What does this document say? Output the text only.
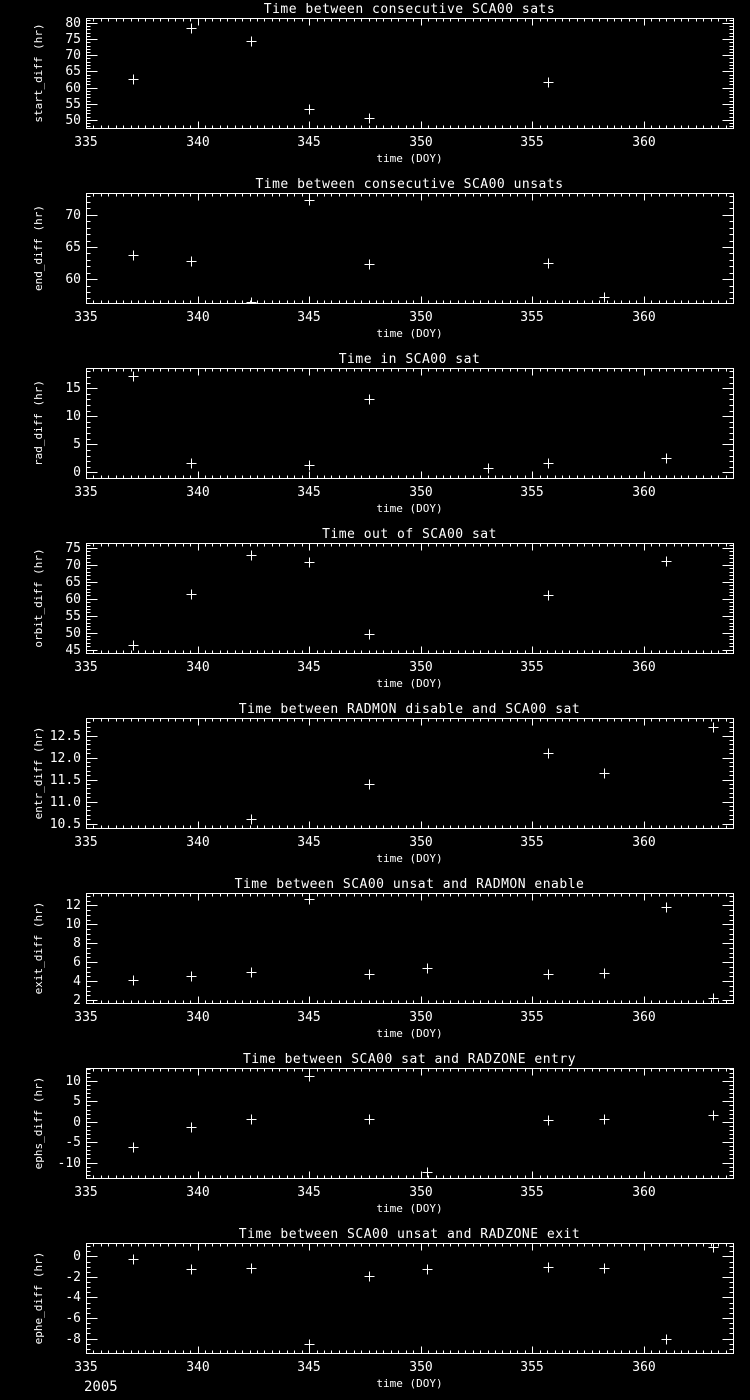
2005
335	340	345	350	355	360
50
55
60
65
70
75
80
Time between consecutive SCA00 sats
time (DOY)
start_diff (hr)
335	340	345	350	355	360
60
65
70
Time between consecutive SCA00 unsats
time (DOY)
end_diff (hr)
335	340	345	350	355	360
0
5
10
15
Time in SCA00 sat
time (DOY)
rad_diff (hr)
335	340	345	350	355	360
45
50
55
60
65
70
75
Time out of SCA00 sat
time (DOY)
orbit_diff (hr)
335	340	345	350	355	360
10.5
11.0
11.5
12.0
12.5
Time between RADMON disable and SCA00 sat
time (DOY)
entr_diff (hr)
335	340	345	350	355	360
2
4
6
8
10
12
Time between SCA00 unsat and RADMON enable
time (DOY)
exit_diff (hr)
335	340	345	350	355	360
-10
-5
0
5
10
Time between SCA00 sat and RADZONE entry
time (DOY)
ephs_diff (hr)
335	340	345	350	355	360
-8
-6
-4
-2
0
Time between SCA00 unsat and RADZONE exit
time (DOY)
ephe_diff (hr)
